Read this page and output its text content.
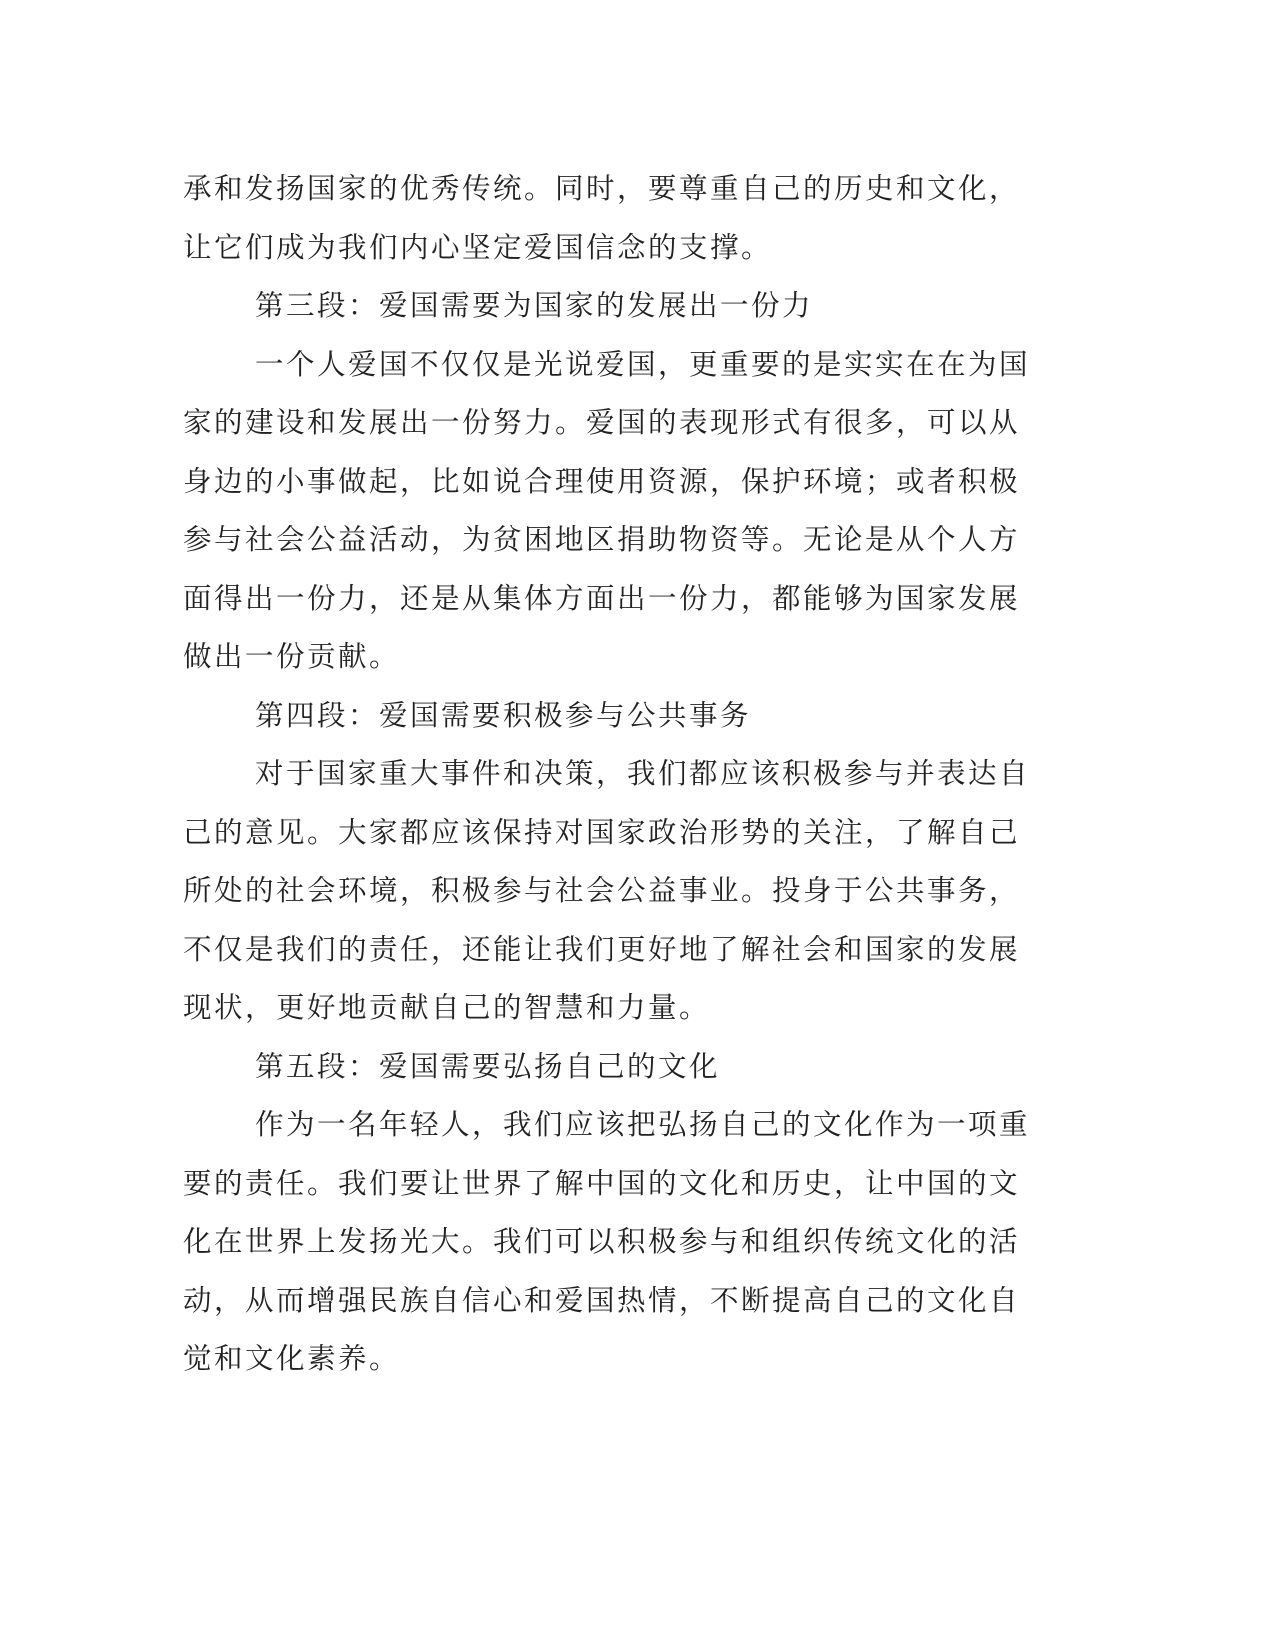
承和发扬国家的优秀传统。同时，要尊重自己的历史和文化，让它们成为我们内心坚定爱国信念的支撑。

第三段：爱国需要为国家的发展出一份力

一个人爱国不仅仅是光说爱国，更重要的是实实在在为国家的建设和发展出一份努力。爱国的表现形式有很多，可以从身边的小事做起，比如说合理使用资源，保护环境；或者积极参与社会公益活动，为贫困地区捐助物资等。无论是从个人方面得出一份力，还是从集体方面出一份力，都能够为国家发展做出一份贡献。

第四段：爱国需要积极参与公共事务

对于国家重大事件和决策，我们都应该积极参与并表达自己的意见。大家都应该保持对国家政治形势的关注，了解自己所处的社会环境，积极参与社会公益事业。投身于公共事务，不仅是我们的责任，还能让我们更好地了解社会和国家的发展现状，更好地贡献自己的智慧和力量。

第五段：爱国需要弘扬自己的文化

作为一名年轻人，我们应该把弘扬自己的文化作为一项重要的责任。我们要让世界了解中国的文化和历史，让中国的文化在世界上发扬光大。我们可以积极参与和组织传统文化的活动，从而增强民族自信心和爱国热情，不断提高自己的文化自觉和文化素养。
